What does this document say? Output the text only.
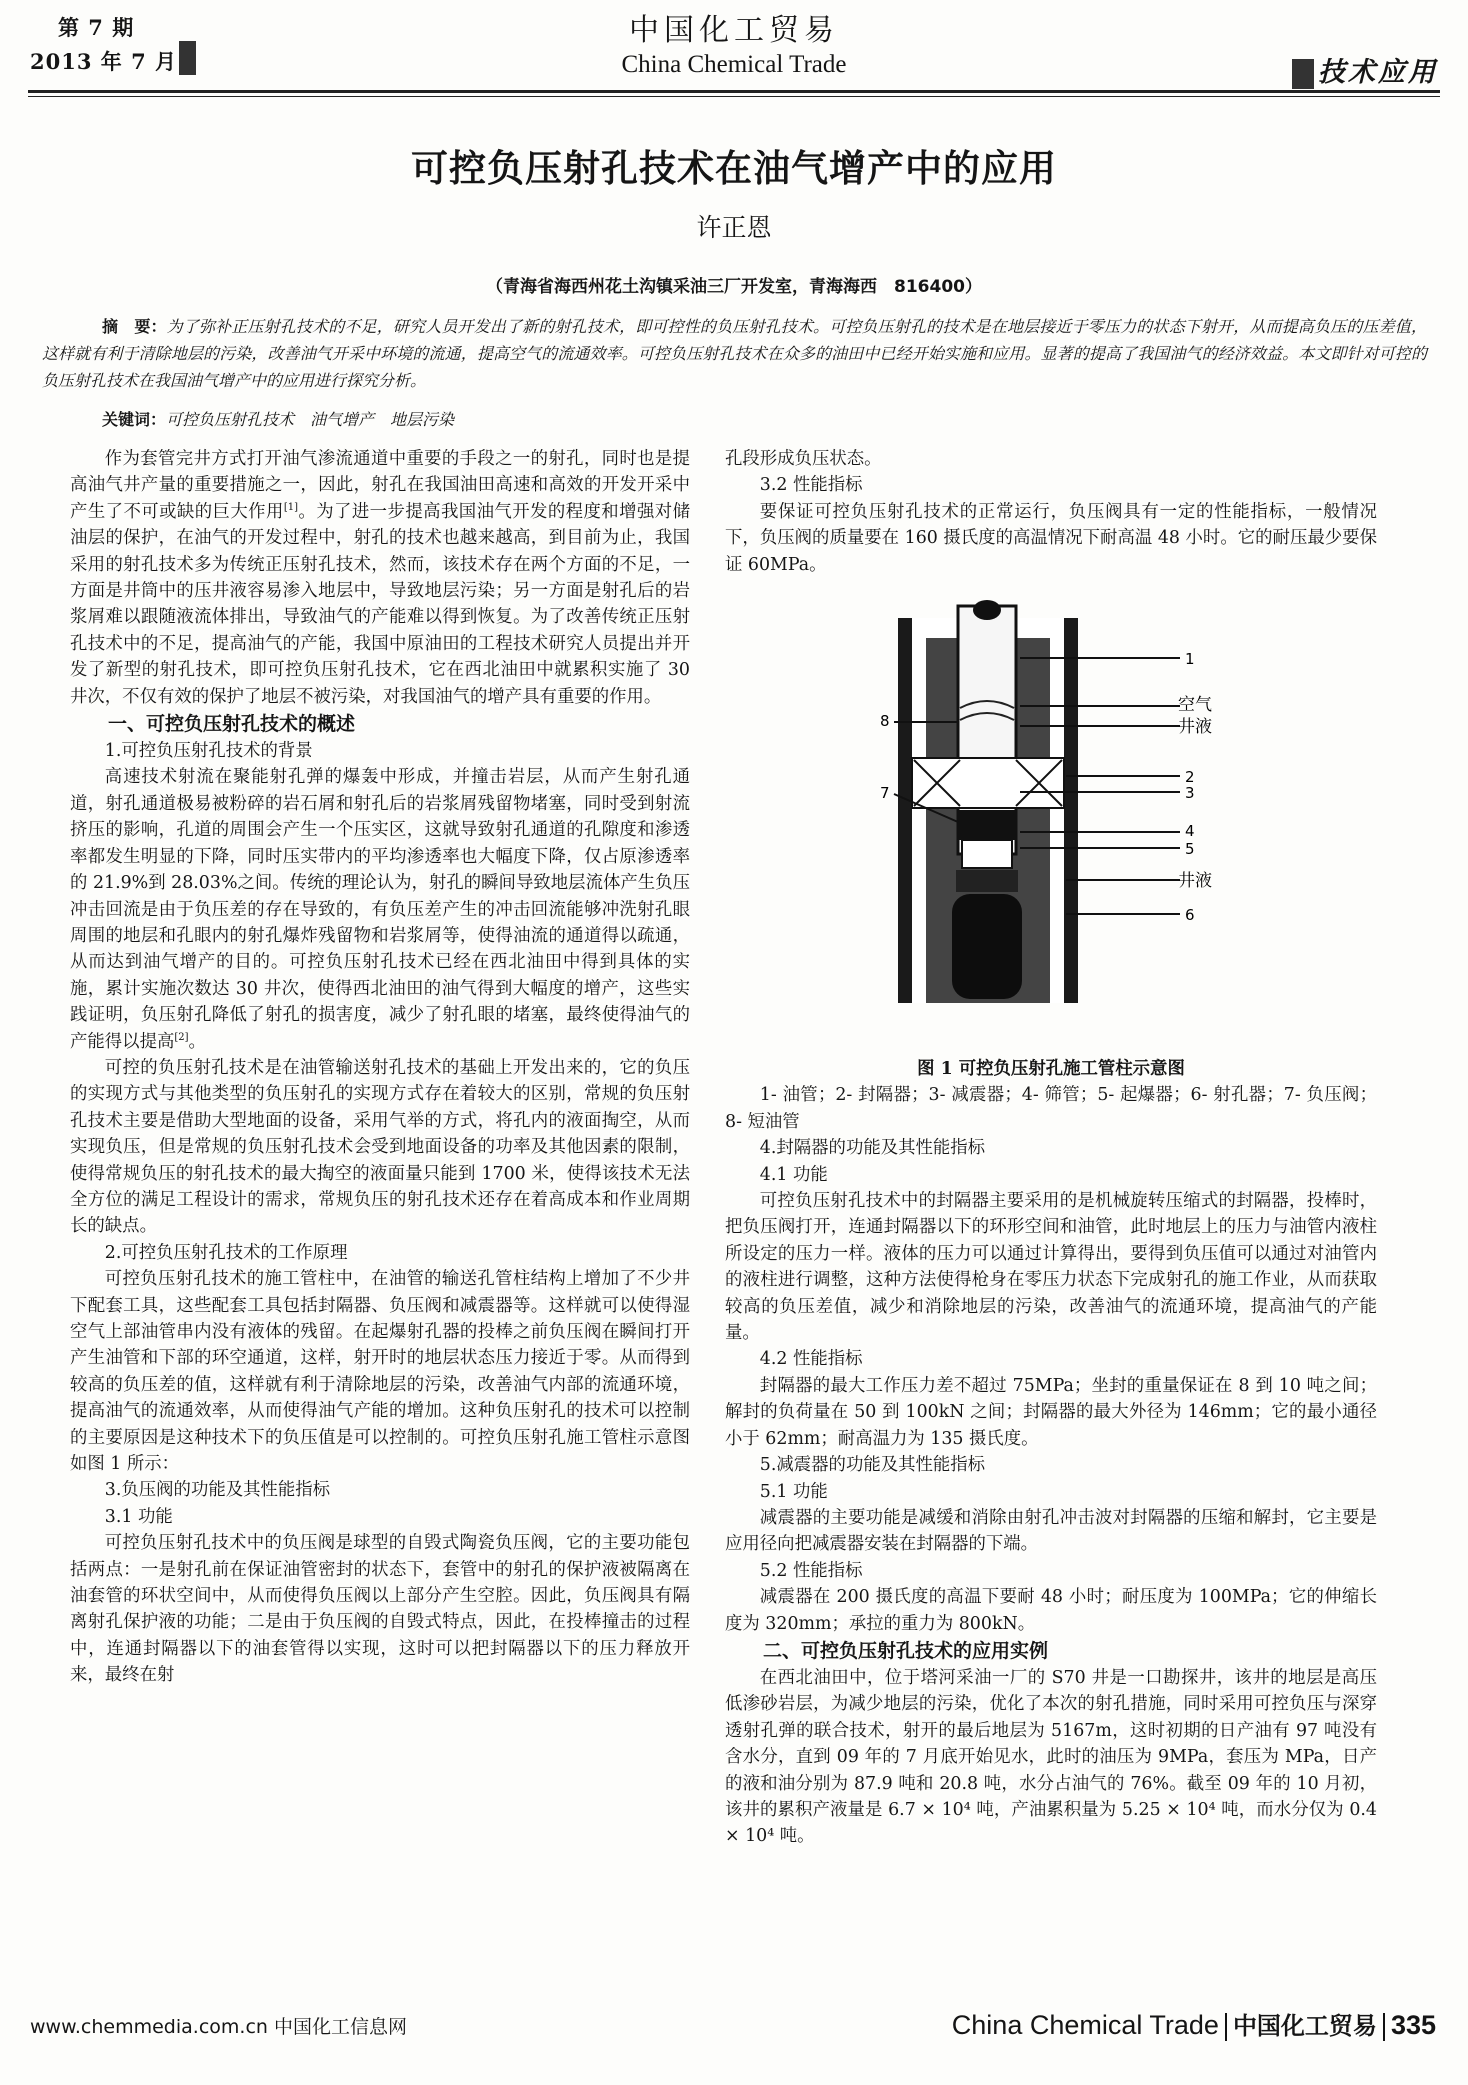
第 7 期
2013 年 7 月
中国化工贸易
China Chemical Trade	技术应用
可控负压射孔技术在油气增产中的应用
许正恩
（青海省海西州花土沟镇采油三厂开发室，青海海西　816400）
摘　要：为了弥补正压射孔技术的不足，研究人员开发出了新的射孔技术，即可控性的负压射孔技术。可控负压射孔的技术是在地层接近于零压力的状态下射开，从而提高负压的压差值，这样就有利于清除地层的污染，改善油气开采中环境的流通，提高空气的流通效率。可控负压射孔技术在众多的油田中已经开始实施和应用。显著的提高了我国油气的经济效益。本文即针对可控的负压射孔技术在我国油气增产中的应用进行探究分析。
关键词：可控负压射孔技术　油气增产　地层污染

作为套管完井方式打开油气渗流通道中重要的手段之一的射孔，同时也是提高油气井产量的重要措施之一，因此，射孔在我国油田高速和高效的开发开采中产生了不可或缺的巨大作用[1]。为了进一步提高我国油气开发的程度和增强对储油层的保护，在油气的开发过程中，射孔的技术也越来越高，到目前为止，我国采用的射孔技术多为传统正压射孔技术，然而，该技术存在两个方面的不足，一方面是井筒中的压井液容易渗入地层中，导致地层污染；另一方面是射孔后的岩浆屑难以跟随液流体排出，导致油气的产能难以得到恢复。为了改善传统正压射孔技术中的不足，提高油气的产能，我国中原油田的工程技术研究人员提出并开发了新型的射孔技术，即可控负压射孔技术，它在西北油田中就累积实施了 30 井次，不仅有效的保护了地层不被污染，对我国油气的增产具有重要的作用。

一、可控负压射孔技术的概述

1.可控负压射孔技术的背景

高速技术射流在聚能射孔弹的爆轰中形成，并撞击岩层，从而产生射孔通道，射孔通道极易被粉碎的岩石屑和射孔后的岩浆屑残留物堵塞，同时受到射流挤压的影响，孔道的周围会产生一个压实区，这就导致射孔通道的孔隙度和渗透率都发生明显的下降，同时压实带内的平均渗透率也大幅度下降，仅占原渗透率的 21.9%到 28.03%之间。传统的理论认为，射孔的瞬间导致地层流体产生负压冲击回流是由于负压差的存在导致的，有负压差产生的冲击回流能够冲洗射孔眼周围的地层和孔眼内的射孔爆炸残留物和岩浆屑等，使得油流的通道得以疏通，从而达到油气增产的目的。可控负压射孔技术已经在西北油田中得到具体的实施，累计实施次数达 30 井次，使得西北油田的油气得到大幅度的增产，这些实践证明，负压射孔降低了射孔的损害度，减少了射孔眼的堵塞，最终使得油气的产能得以提高[2]。

可控的负压射孔技术是在油管输送射孔技术的基础上开发出来的，它的负压的实现方式与其他类型的负压射孔的实现方式存在着较大的区别，常规的负压射孔技术主要是借助大型地面的设备，采用气举的方式，将孔内的液面掏空，从而实现负压，但是常规的负压射孔技术会受到地面设备的功率及其他因素的限制，使得常规负压的射孔技术的最大掏空的液面量只能到 1700 米，使得该技术无法全方位的满足工程设计的需求，常规负压的射孔技术还存在着高成本和作业周期长的缺点。

2.可控负压射孔技术的工作原理

可控负压射孔技术的施工管柱中，在油管的输送孔管柱结构上增加了不少井下配套工具，这些配套工具包括封隔器、负压阀和减震器等。这样就可以使得湿空气上部油管串内没有液体的残留。在起爆射孔器的投棒之前负压阀在瞬间打开产生油管和下部的环空通道，这样，射开时的地层状态压力接近于零。从而得到较高的负压差的值，这样就有利于清除地层的污染，改善油气内部的流通环境，提高油气的流通效率，从而使得油气产能的增加。这种负压射孔的技术可以控制的主要原因是这种技术下的负压值是可以控制的。可控负压射孔施工管柱示意图如图 1 所示：

3.负压阀的功能及其性能指标

3.1 功能

可控负压射孔技术中的负压阀是球型的自毁式陶瓷负压阀，它的主要功能包括两点：一是射孔前在保证油管密封的状态下，套管中的射孔的保护液被隔离在油套管的环状空间中，从而使得负压阀以上部分产生空腔。因此，负压阀具有隔离射孔保护液的功能；二是由于负压阀的自毁式特点，因此，在投棒撞击的过程中，连通封隔器以下的油套管得以实现，这时可以把封隔器以下的压力释放开来，最终在射

孔段形成负压状态。

3.2 性能指标

要保证可控负压射孔技术的正常运行，负压阀具有一定的性能指标，一般情况下，负压阀的质量要在 160 摄氏度的高温情况下耐高温 48 小时。它的耐压最少要保证 60MPa。

1
空气
井液
2
3
4
5
井液
6
8
7

图 1 可控负压射孔施工管柱示意图

1- 油管；2- 封隔器；3- 减震器；4- 筛管；5- 起爆器；6- 射孔器；7- 负压阀；8- 短油管

4.封隔器的功能及其性能指标

4.1 功能

可控负压射孔技术中的封隔器主要采用的是机械旋转压缩式的封隔器，投棒时，把负压阀打开，连通封隔器以下的环形空间和油管，此时地层上的压力与油管内液柱所设定的压力一样。液体的压力可以通过计算得出，要得到负压值可以通过对油管内的液柱进行调整，这种方法使得枪身在零压力状态下完成射孔的施工作业，从而获取较高的负压差值，减少和消除地层的污染，改善油气的流通环境，提高油气的产能量。

4.2 性能指标

封隔器的最大工作压力差不超过 75MPa；坐封的重量保证在 8 到 10 吨之间；解封的负荷量在 50 到 100kN 之间；封隔器的最大外径为 146mm；它的最小通径小于 62mm；耐高温力为 135 摄氏度。

5.减震器的功能及其性能指标

5.1 功能

减震器的主要功能是减缓和消除由射孔冲击波对封隔器的压缩和解封，它主要是应用径向把减震器安装在封隔器的下端。

5.2 性能指标

减震器在 200 摄氏度的高温下要耐 48 小时；耐压度为 100MPa；它的伸缩长度为 320mm；承拉的重力为 800kN。

二、可控负压射孔技术的应用实例

在西北油田中，位于塔河采油一厂的 S70 井是一口勘探井，该井的地层是高压低渗砂岩层，为减少地层的污染，优化了本次的射孔措施，同时采用可控负压与深穿透射孔弹的联合技术，射开的最后地层为 5167m，这时初期的日产油有 97 吨没有含水分，直到 09 年的 7 月底开始见水，此时的油压为 9MPa，套压为 MPa，日产的液和油分别为 87.9 吨和 20.8 吨，水分占油气的 76%。截至 09 年的 10 月初，该井的累积产液量是 6.7 × 10⁴ 吨，产油累积量为 5.25 × 10⁴ 吨，而水分仅为 0.4 × 10⁴ 吨。

www.chemmedia.com.cn 中国化工信息网	China Chemical Trade 中国化工贸易 335
